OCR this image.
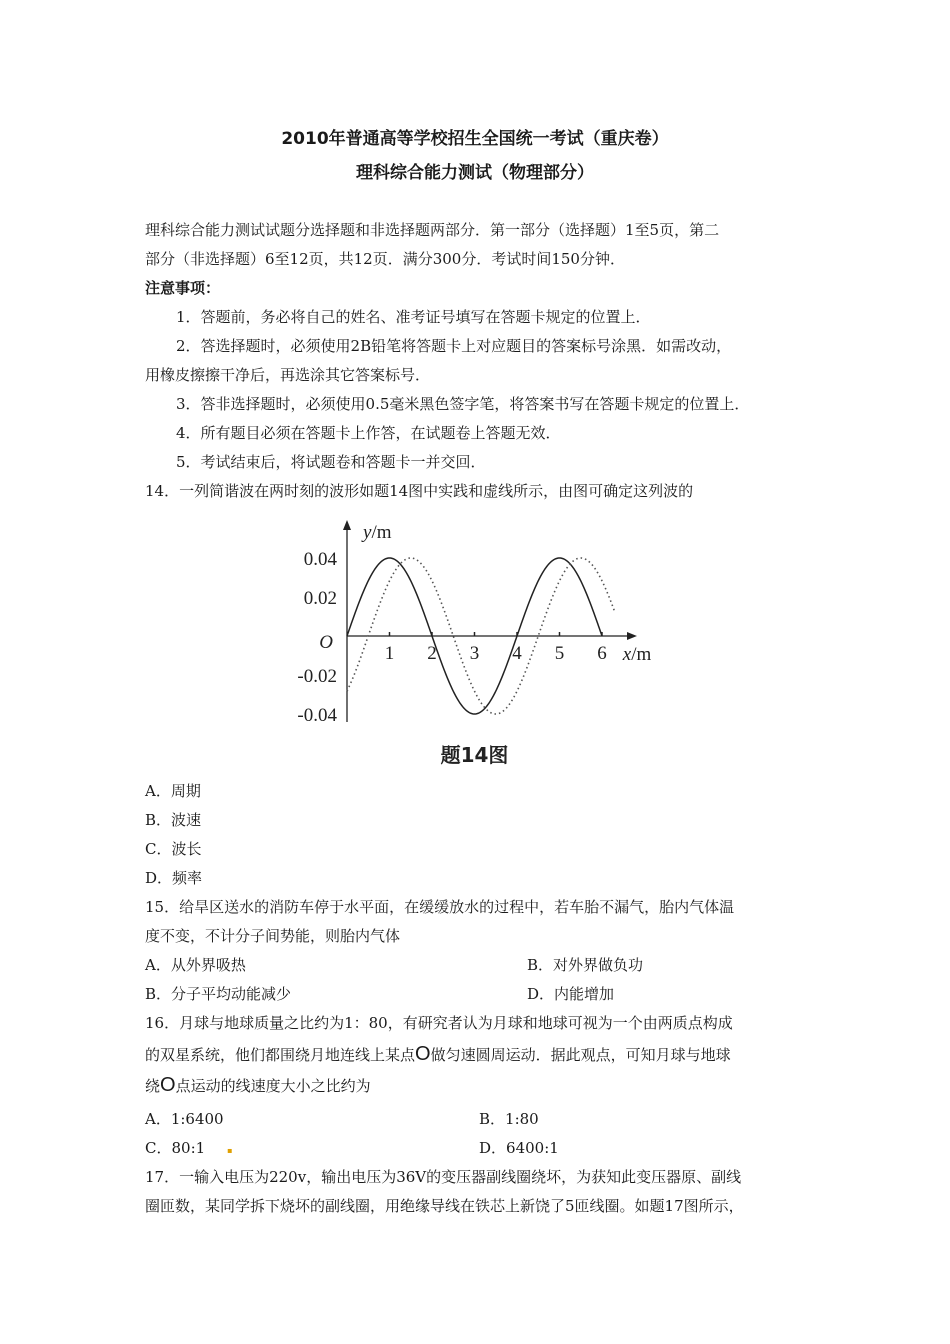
2010年普通高等学校招生全国统一考试（重庆卷）
理科综合能力测试（物理部分）
理科综合能力测试试题分选择题和非选择题两部分．第一部分（选择题）1至5页，第二
部分（非选择题）6至12页，共12页．满分300分．考试时间150分钟．
注意事项：
1．答题前，务必将自己的姓名、准考证号填写在答题卡规定的位置上．
2．答选择题时，必须使用2B铅笔将答题卡上对应题目的答案标号涂黑．如需改动，
用橡皮擦擦干净后，再选涂其它答案标号．
3．答非选择题时，必须使用0.5毫米黑色签字笔，将答案书写在答题卡规定的位置上．
4．所有题目必须在答题卡上作答，在试题卷上答题无效．
5．考试结束后，将试题卷和答题卡一并交回．
14．一列简谐波在两时刻的波形如题14图中实践和虚线所示，由图可确定这列波的
1 2 3 4 5 6
0.04
0.02
-0.02
-0.04
O
x/m
y/m
题14图
A．周期
B．波速
C．波长
D．频率
15．给旱区送水的消防车停于水平面，在缓缓放水的过程中，若车胎不漏气，胎内气体温
度不变，不计分子间势能，则胎内气体
A．从外界吸热	B．对外界做负功
B．分子平均动能减少	D．内能增加
16．月球与地球质量之比约为1：80，有研究者认为月球和地球可视为一个由两质点构成
的双星系统，他们都围绕月地连线上某点O做匀速圆周运动．据此观点，可知月球与地球
绕O点运动的线速度大小之比约为
A．1:6400	B．1:80
C．80:1	▪	D．6400:1
17．一输入电压为220v，输出电压为36V的变压器副线圈绕坏，为获知此变压器原、副线
圈匝数，某同学拆下烧坏的副线圈，用绝缘导线在铁芯上新饶了5匝线圈。如题17图所示，
